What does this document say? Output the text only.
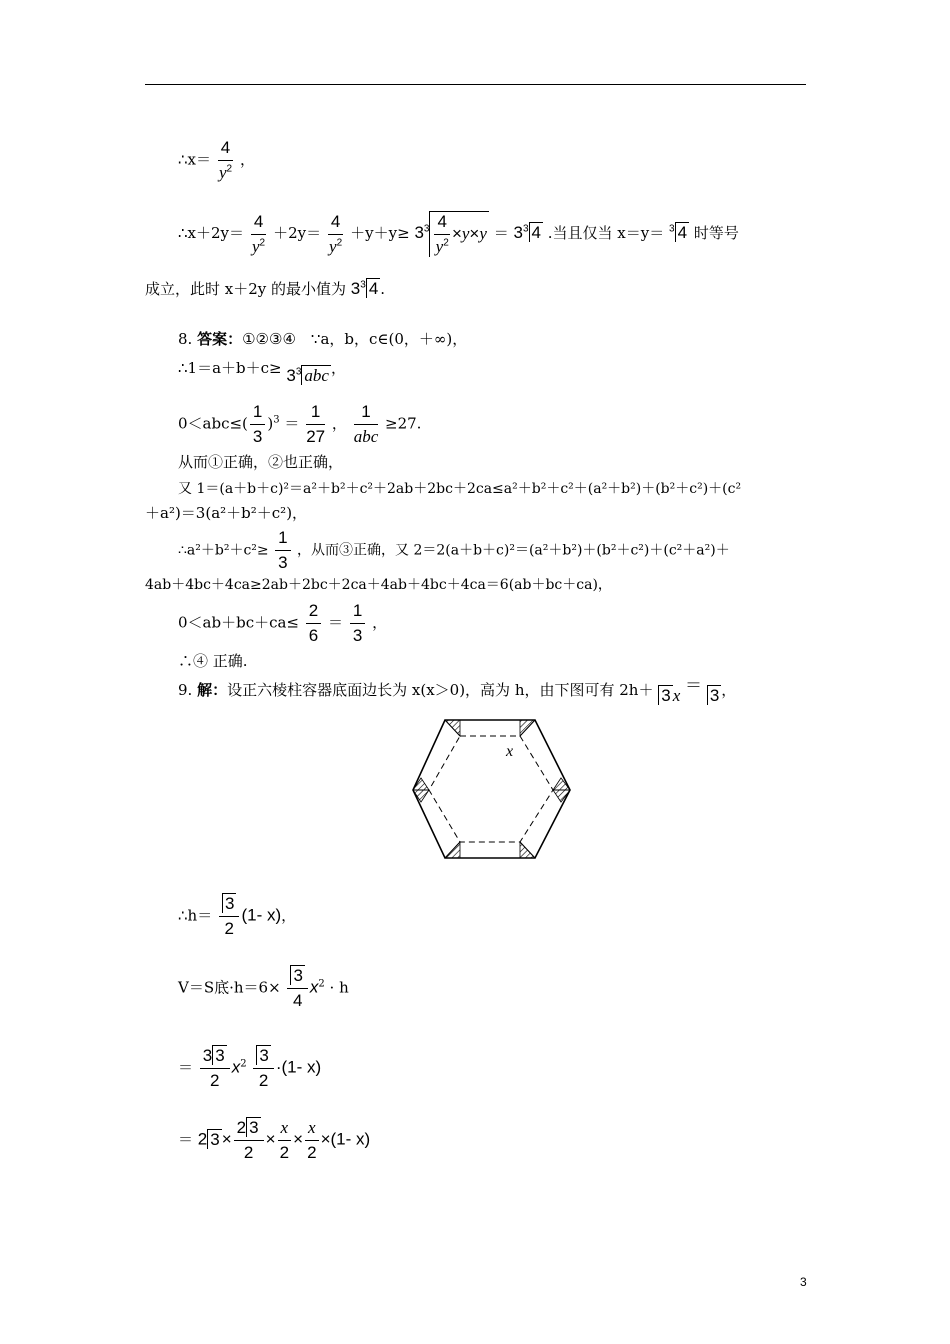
∴x＝ $\frac{4}{y^2}$ ，
∴x＋2y＝ $\frac{4}{y^2} +2y= \frac{4}{y^2} +y+y\ge 3^3 \frac{4}{y^2} \times y\times y = 3^3$ 4 .当且仅当 x＝y＝ $^3$ 4 时等号
成立，此时 x＋2y 的最小值为 $3^3$ 4 .
8. 答案：①②③④　∵a，b，c∈(0，＋∞)，
∴1＝a＋b＋c≥ $3^3$ abc ，
$0<abc\le( \frac{1}{3} )^3 = \frac{1}{27}$ ， $\frac{1}{\text{abc}} \ge 27$.
从而①正确，②也正确，
又 1＝(a＋b＋c)²＝a²＋b²＋c²＋2ab＋2bc＋2ca≤a²＋b²＋c²＋(a²＋b²)＋(b²＋c²)＋(c²
＋a²)＝3(a²＋b²＋c²)，
∴a²＋b²＋c²≥ $\frac{1}{3}$ ，从而③正确，又 2＝2(a＋b＋c)²＝(a²＋b²)＋(b²＋c²)＋(c²＋a²)＋
4ab＋4bc＋4ca≥2ab＋2bc＋2ca＋4ab＋4bc＋4ca＝6(ab＋bc＋ca)，
$0<ab+bc+ca\le \frac{2}{6} = \frac{1}{3}$ ，
∴④ 正确.
9. 解：设正六棱柱容器底面边长为 x(x＞0)，高为 h，由下图可有 2h＋ 3 x ＝ 3 ，
x
∴h＝ $\frac{3}{2} (1-$ x)，
V＝S底$\cdot h=6\times \frac{3}{4} x^2 \cdot h$
＝ $\frac{3 3}{2} x^2 \frac{3}{2} \cdot(1-$ x)
＝ 2 $3 \times \frac{2 3}{2} \times \frac{x}{2} \times \frac{x}{2} \times(1-$ x)
3
